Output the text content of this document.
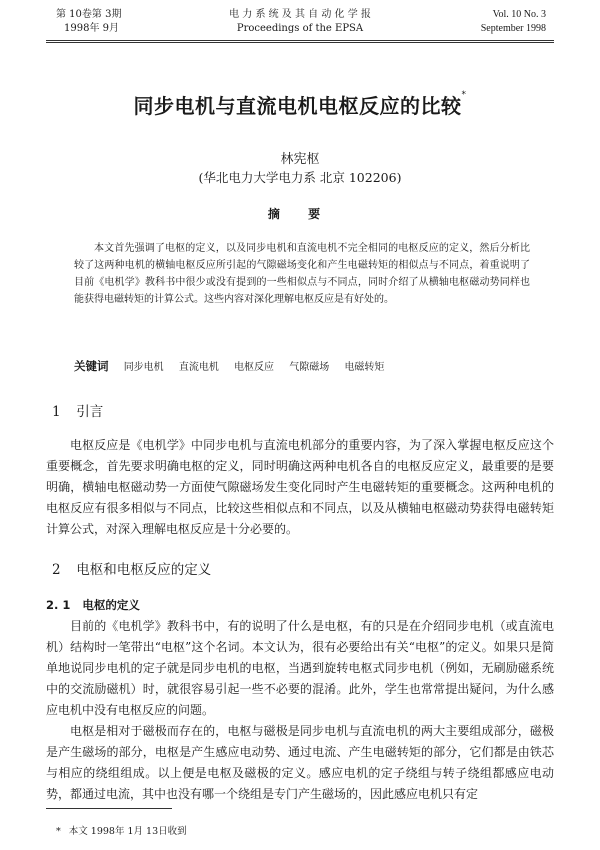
第 10卷第 3期
1998年 9月
电 力 系 统 及 其 自 动 化 学 报
Proceedings of the EPSA
Vol. 10 No. 3
September 1998
同步电机与直流电机电枢反应的比较*
林宪枢
(华北电力大学电力系 北京 102206)
摘 要

本文首先强调了电枢的定义，以及同步电机和直流电机不完全相同的电枢反应的定义，然后分析比较了这两种电机的横轴电枢反应所引起的气隙磁场变化和产生电磁转矩的相似点与不同点，着重说明了目前《电机学》教科书中很少或没有提到的一些相似点与不同点，同时介绍了从横轴电枢磁动势同样也能获得电磁转矩的计算公式。这些内容对深化理解电枢反应是有好处的。

关键词 同步电机 直流电机 电枢反应 气隙磁场 电磁转矩
1 引言

电枢反应是《电机学》中同步电机与直流电机部分的重要内容，为了深入掌握电枢反应这个重要概念，首先要求明确电枢的定义，同时明确这两种电机各自的电枢反应定义，最重要的是要明确，横轴电枢磁动势一方面使气隙磁场发生变化同时产生电磁转矩的重要概念。这两种电机的电枢反应有很多相似与不同点，比较这些相似点和不同点，以及从横轴电枢磁动势获得电磁转矩计算公式，对深入理解电枢反应是十分必要的。

2 电枢和电枢反应的定义
2. 1 电枢的定义

目前的《电机学》教科书中，有的说明了什么是电枢，有的只是在介绍同步电机（或直流电机）结构时一笔带出“电枢”这个名词。本文认为，很有必要给出有关“电枢”的定义。如果只是简单地说同步电机的定子就是同步电机的电枢，当遇到旋转电枢式同步电机（例如，无刷励磁系统中的交流励磁机）时，就很容易引起一些不必要的混淆。此外，学生也常常提出疑问，为什么感应电机中没有电枢反应的问题。

电枢是相对于磁极而存在的，电枢与磁极是同步电机与直流电机的两大主要组成部分，磁极是产生磁场的部分，电枢是产生感应电动势、通过电流、产生电磁转矩的部分，它们都是由铁芯与相应的绕组组成。以上便是电枢及磁极的定义。感应电机的定子绕组与转子绕组都感应电动势，都通过电流，其中也没有哪一个绕组是专门产生磁场的，因此感应电机只有定

* 本文 1998年 1月 13日收到
